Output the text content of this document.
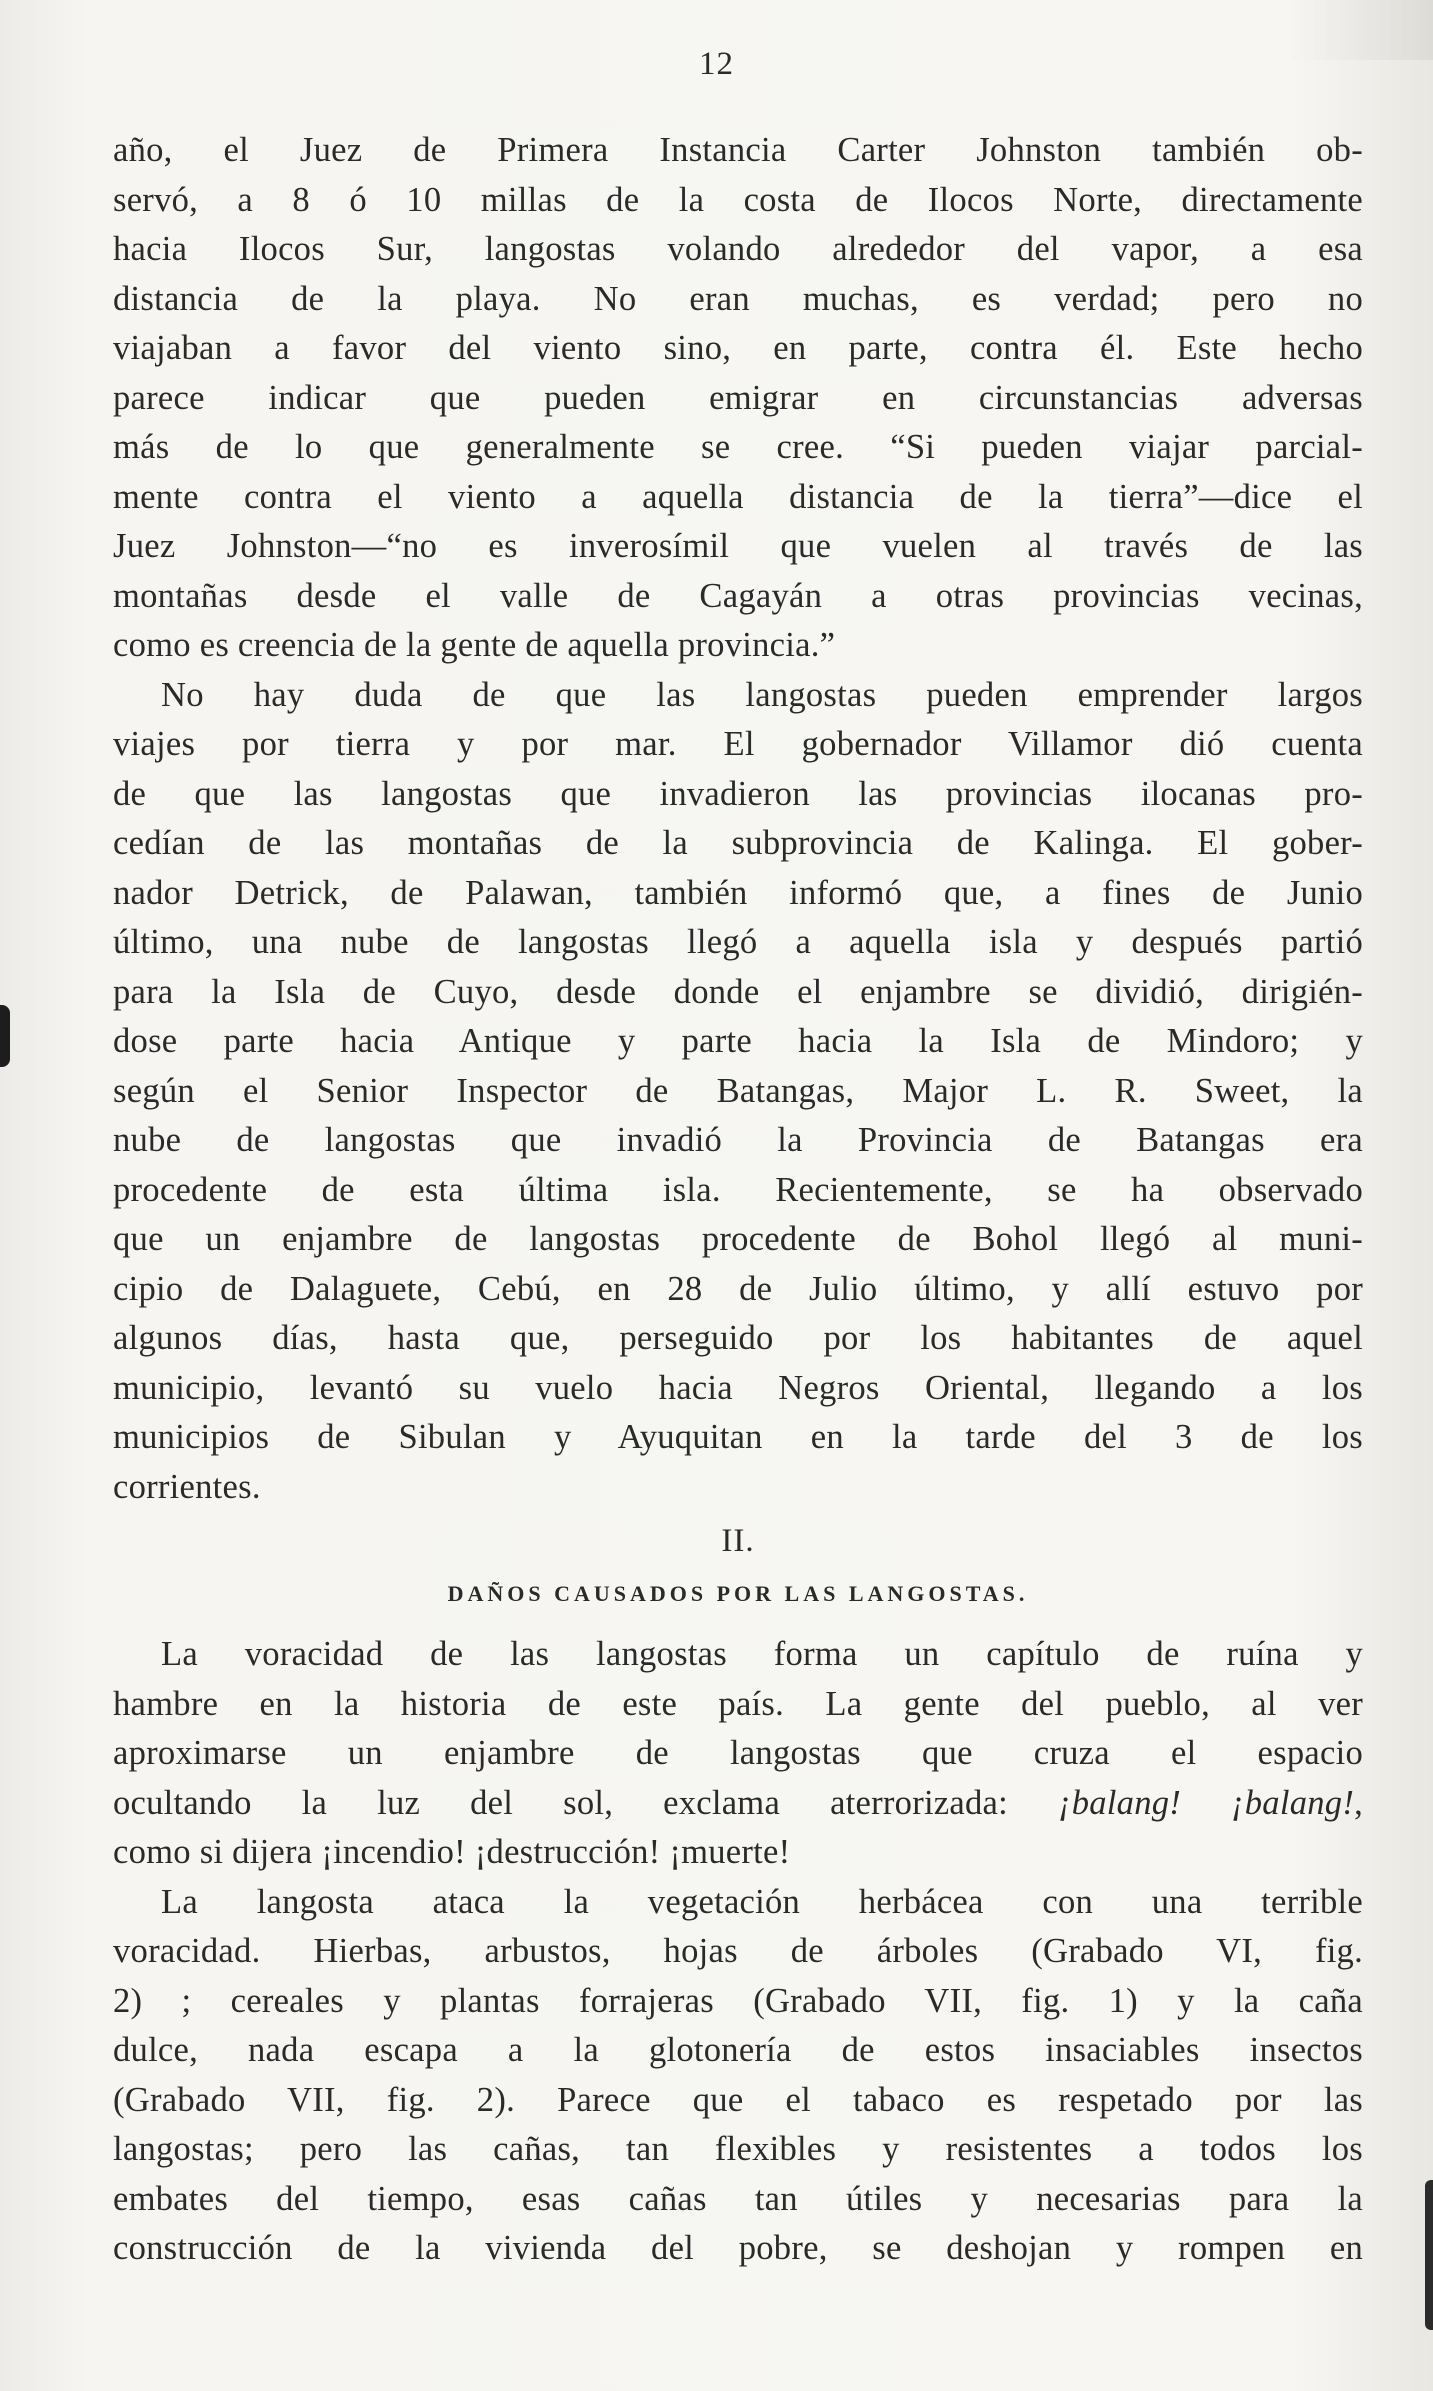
12

año, el Juez de Primera Instancia Carter Johnston también ob-
servó, a 8 ó 10 millas de la costa de Ilocos Norte, directamente
hacia Ilocos Sur, langostas volando alrededor del vapor, a esa
distancia de la playa. No eran muchas, es verdad; pero no
viajaban a favor del viento sino, en parte, contra él. Este hecho
parece indicar que pueden emigrar en circunstancias adversas
más de lo que generalmente se cree. “Si pueden viajar parcial-
mente contra el viento a aquella distancia de la tierra”—dice el
Juez Johnston—“no es inverosímil que vuelen al través de las
montañas desde el valle de Cagayán a otras provincias vecinas,
como es creencia de la gente de aquella provincia.”

No hay duda de que las langostas pueden emprender largos
viajes por tierra y por mar. El gobernador Villamor dió cuenta
de que las langostas que invadieron las provincias ilocanas pro-
cedían de las montañas de la subprovincia de Kalinga. El gober-
nador Detrick, de Palawan, también informó que, a fines de Junio
último, una nube de langostas llegó a aquella isla y después partió
para la Isla de Cuyo, desde donde el enjambre se dividió, dirigién-
dose parte hacia Antique y parte hacia la Isla de Mindoro; y
según el Senior Inspector de Batangas, Major L. R. Sweet, la
nube de langostas que invadió la Provincia de Batangas era
procedente de esta última isla. Recientemente, se ha observado
que un enjambre de langostas procedente de Bohol llegó al muni-
cipio de Dalaguete, Cebú, en 28 de Julio último, y allí estuvo por
algunos días, hasta que, perseguido por los habitantes de aquel
municipio, levantó su vuelo hacia Negros Oriental, llegando a los
municipios de Sibulan y Ayuquitan en la tarde del 3 de los
corrientes.

II.
DAÑOS CAUSADOS POR LAS LANGOSTAS.

La voracidad de las langostas forma un capítulo de ruína y
hambre en la historia de este país. La gente del pueblo, al ver
aproximarse un enjambre de langostas que cruza el espacio
ocultando la luz del sol, exclama aterrorizada: ¡balang! ¡balang!,
como si dijera ¡incendio! ¡destrucción! ¡muerte!

La langosta ataca la vegetación herbácea con una terrible
voracidad. Hierbas, arbustos, hojas de árboles (Grabado VI, fig.
2) ; cereales y plantas forrajeras (Grabado VII, fig. 1) y la caña
dulce, nada escapa a la glotonería de estos insaciables insectos
(Grabado VII, fig. 2). Parece que el tabaco es respetado por las
langostas; pero las cañas, tan flexibles y resistentes a todos los
embates del tiempo, esas cañas tan útiles y necesarias para la
construcción de la vivienda del pobre, se deshojan y rompen en
